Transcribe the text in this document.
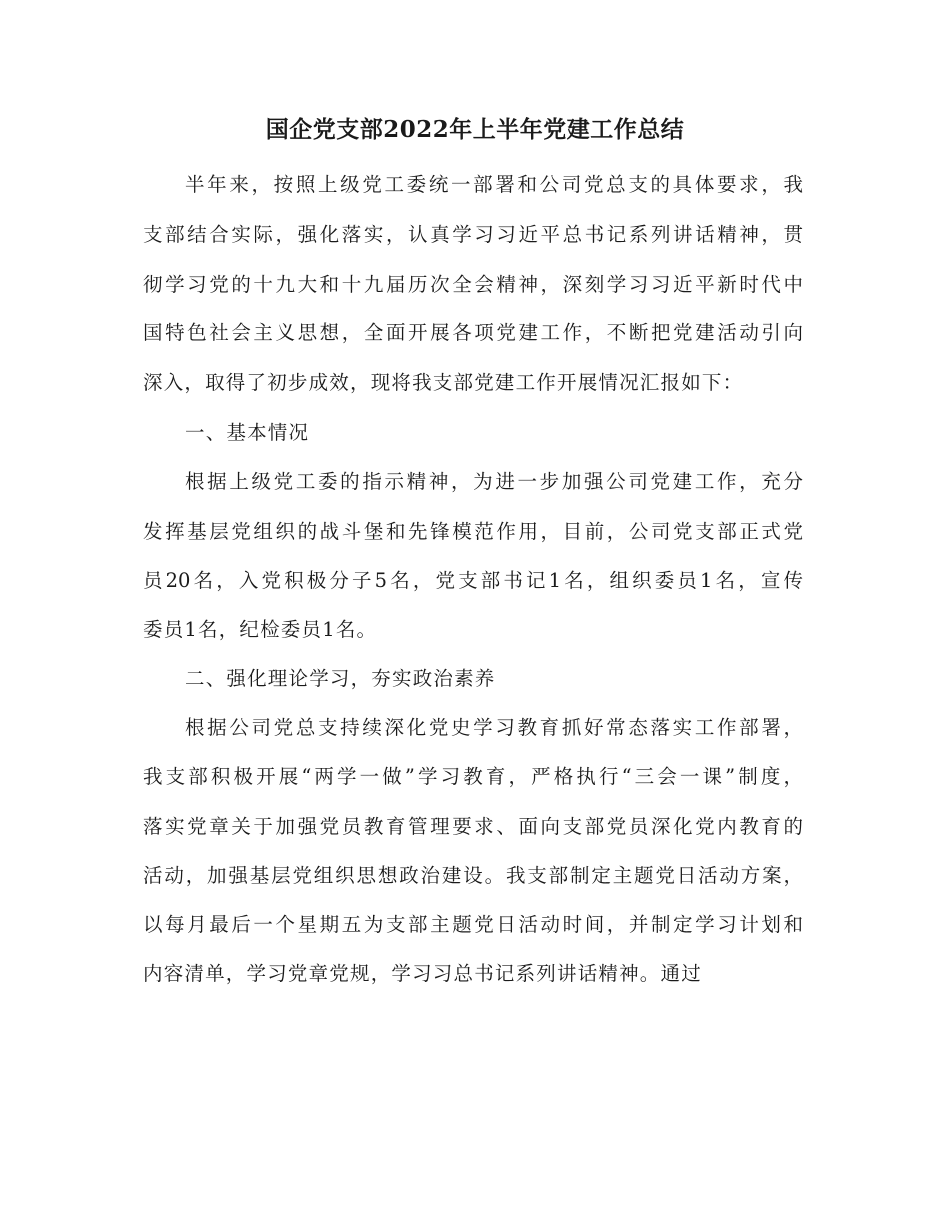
国企党支部2022年上半年党建工作总结
半年来，按照上级党工委统一部署和公司党总支的具体要求，我
支部结合实际，强化落实，认真学习习近平总书记系列讲话精神，贯
彻学习党的十九大和十九届历次全会精神，深刻学习习近平新时代中
国特色社会主义思想，全面开展各项党建工作，不断把党建活动引向
深入，取得了初步成效，现将我支部党建工作开展情况汇报如下：
一、基本情况
根据上级党工委的指示精神，为进一步加强公司党建工作，充分
发挥基层党组织的战斗堡和先锋模范作用，目前，公司党支部正式党
员20名，入党积极分子5名，党支部书记1名，组织委员1名，宣传
委员1名，纪检委员1名。
二、强化理论学习，夯实政治素养
根据公司党总支持续深化党史学习教育抓好常态落实工作部署，
我支部积极开展“两学一做”学习教育，严格执行“三会一课”制度，
落实党章关于加强党员教育管理要求、面向支部党员深化党内教育的
活动，加强基层党组织思想政治建设。我支部制定主题党日活动方案，
以每月最后一个星期五为支部主题党日活动时间，并制定学习计划和
内容清单，学习党章党规，学习习总书记系列讲话精神。通过
